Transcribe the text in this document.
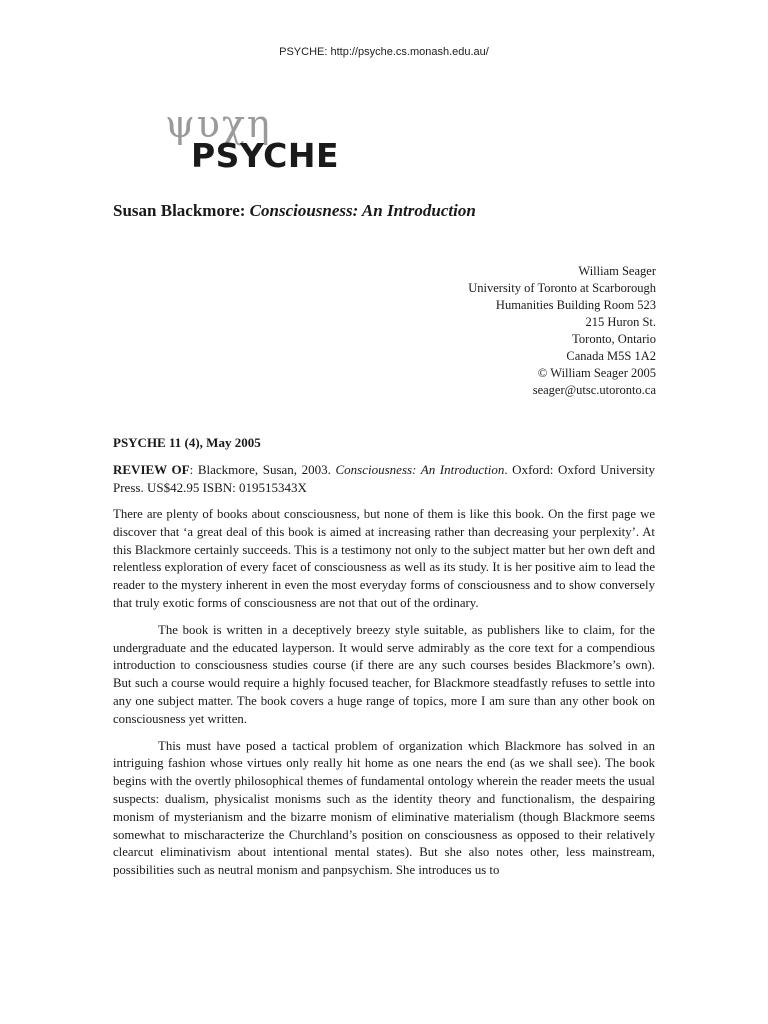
PSYCHE: http://psyche.cs.monash.edu.au/
ψυχη
PSYCHE
Susan Blackmore: Consciousness: An Introduction
William Seager
University of Toronto at Scarborough
Humanities Building Room 523
215 Huron St.
Toronto, Ontario
Canada M5S 1A2
© William Seager 2005
seager@utsc.utoronto.ca
PSYCHE 11 (4), May 2005
REVIEW OF: Blackmore, Susan, 2003. Consciousness: An Introduction. Oxford: Oxford University Press. US$42.95 ISBN: 019515343X

There are plenty of books about consciousness, but none of them is like this book. On the first page we discover that ‘a great deal of this book is aimed at increasing rather than decreasing your perplexity’. At this Blackmore certainly succeeds. This is a testimony not only to the subject matter but her own deft and relentless exploration of every facet of consciousness as well as its study. It is her positive aim to lead the reader to the mystery inherent in even the most everyday forms of consciousness and to show conversely that truly exotic forms of consciousness are not that out of the ordinary.

The book is written in a deceptively breezy style suitable, as publishers like to claim, for the undergraduate and the educated layperson. It would serve admirably as the core text for a compendious introduction to consciousness studies course (if there are any such courses besides Blackmore’s own). But such a course would require a highly focused teacher, for Blackmore steadfastly refuses to settle into any one subject matter. The book covers a huge range of topics, more I am sure than any other book on consciousness yet written.

This must have posed a tactical problem of organization which Blackmore has solved in an intriguing fashion whose virtues only really hit home as one nears the end (as we shall see). The book begins with the overtly philosophical themes of fundamental ontology wherein the reader meets the usual suspects: dualism, physicalist monisms such as the identity theory and functionalism, the despairing monism of mysterianism and the bizarre monism of eliminative materialism (though Blackmore seems somewhat to mischaracterize the Churchland’s position on consciousness as opposed to their relatively clearcut eliminativism about intentional mental states). But she also notes other, less mainstream, possibilities such as neutral monism and panpsychism. She introduces us to
